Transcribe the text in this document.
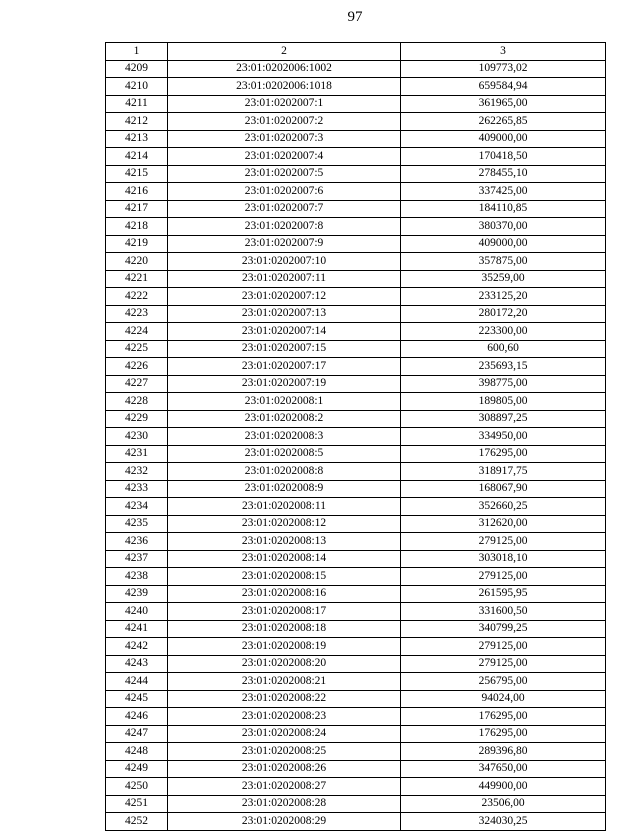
97
1	2	3
4209	23:01:0202006:1002	109773,02
4210	23:01:0202006:1018	659584,94
4211	23:01:0202007:1	361965,00
4212	23:01:0202007:2	262265,85
4213	23:01:0202007:3	409000,00
4214	23:01:0202007:4	170418,50
4215	23:01:0202007:5	278455,10
4216	23:01:0202007:6	337425,00
4217	23:01:0202007:7	184110,85
4218	23:01:0202007:8	380370,00
4219	23:01:0202007:9	409000,00
4220	23:01:0202007:10	357875,00
4221	23:01:0202007:11	35259,00
4222	23:01:0202007:12	233125,20
4223	23:01:0202007:13	280172,20
4224	23:01:0202007:14	223300,00
4225	23:01:0202007:15	600,60
4226	23:01:0202007:17	235693,15
4227	23:01:0202007:19	398775,00
4228	23:01:0202008:1	189805,00
4229	23:01:0202008:2	308897,25
4230	23:01:0202008:3	334950,00
4231	23:01:0202008:5	176295,00
4232	23:01:0202008:8	318917,75
4233	23:01:0202008:9	168067,90
4234	23:01:0202008:11	352660,25
4235	23:01:0202008:12	312620,00
4236	23:01:0202008:13	279125,00
4237	23:01:0202008:14	303018,10
4238	23:01:0202008:15	279125,00
4239	23:01:0202008:16	261595,95
4240	23:01:0202008:17	331600,50
4241	23:01:0202008:18	340799,25
4242	23:01:0202008:19	279125,00
4243	23:01:0202008:20	279125,00
4244	23:01:0202008:21	256795,00
4245	23:01:0202008:22	94024,00
4246	23:01:0202008:23	176295,00
4247	23:01:0202008:24	176295,00
4248	23:01:0202008:25	289396,80
4249	23:01:0202008:26	347650,00
4250	23:01:0202008:27	449900,00
4251	23:01:0202008:28	23506,00
4252	23:01:0202008:29	324030,25
